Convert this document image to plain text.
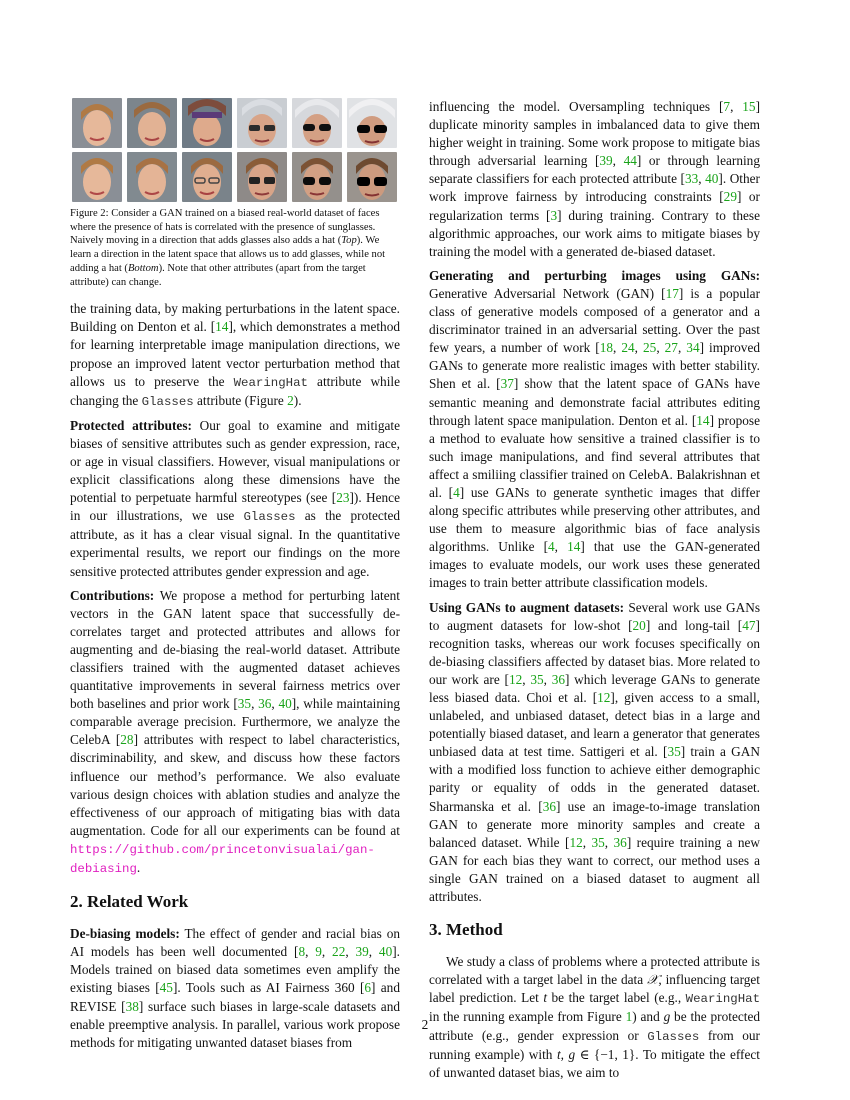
Figure 2: Consider a GAN trained on a biased real-world dataset of faces where the presence of hats is correlated with the presence of sunglasses. Naively moving in a direction that adds glasses also adds a hat (Top). We learn a direction in the latent space that allows us to add glasses, while not adding a hat (Bottom). Note that other attributes (apart from the target attribute) can change.

the training data, by making perturbations in the latent space. Building on Denton et al. [14], which demonstrates a method for learning interpretable image manipulation directions, we propose an improved latent vector perturbation method that allows us to preserve the WearingHat attribute while changing the Glasses attribute (Figure 2).

Protected attributes: Our goal to examine and mitigate biases of sensitive attributes such as gender expression, race, or age in visual classifiers. However, visual manipulations or explicit classifications along these dimensions have the potential to perpetuate harmful stereotypes (see [23]). Hence in our illustrations, we use Glasses as the protected attribute, as it has a clear visual signal. In the quantitative experimental results, we report our findings on the more sensitive protected attributes gender expression and age.

Contributions: We propose a method for perturbing latent vectors in the GAN latent space that successfully de-correlates target and protected attributes and allows for augmenting and de-biasing the real-world dataset. Attribute classifiers trained with the augmented dataset achieves quantitative improvements in several fairness metrics over both baselines and prior work [35, 36, 40], while maintaining comparable average precision. Furthermore, we analyze the CelebA [28] attributes with respect to label characteristics, discriminability, and skew, and discuss how these factors influence our method’s performance. We also evaluate various design choices with ablation studies and analyze the effectiveness of our approach of mitigating bias with data augmentation. Code for all our experiments can be found at https://github.com/princetonvisualai/gan-debiasing.

2. Related Work

De-biasing models: The effect of gender and racial bias on AI models has been well documented [8, 9, 22, 39, 40]. Models trained on biased data sometimes even amplify the existing biases [45]. Tools such as AI Fairness 360 [6] and REVISE [38] surface such biases in large-scale datasets and enable preemptive analysis. In parallel, various work propose methods for mitigating unwanted dataset biases from

influencing the model. Oversampling techniques [7, 15] duplicate minority samples in imbalanced data to give them higher weight in training. Some work propose to mitigate bias through adversarial learning [39, 44] or through learning separate classifiers for each protected attribute [33, 40]. Other work improve fairness by introducing constraints [29] or regularization terms [3] during training. Contrary to these algorithmic approaches, our work aims to mitigate biases by training the model with a generated de-biased dataset.

Generating and perturbing images using GANs: Generative Adversarial Network (GAN) [17] is a popular class of generative models composed of a generator and a discriminator trained in an adversarial setting. Over the past few years, a number of work [18, 24, 25, 27, 34] improved GANs to generate more realistic images with better stability. Shen et al. [37] show that the latent space of GANs have semantic meaning and demonstrate facial attributes editing through latent space manipulation. Denton et al. [14] propose a method to evaluate how sensitive a trained classifier is to such image manipulations, and find several attributes that affect a smiliing classifier trained on CelebA. Balakrishnan et al. [4] use GANs to generate synthetic images that differ along specific attributes while preserving other attributes, and use them to measure algorithmic bias of face analysis algorithms. Unlike [4, 14] that use the GAN-generated images to evaluate models, our work uses these generated images to train better attribute classification models.

Using GANs to augment datasets: Several work use GANs to augment datasets for low-shot [20] and long-tail [47] recognition tasks, whereas our work focuses specifically on de-biasing classifiers affected by dataset bias. More related to our work are [12, 35, 36] which leverage GANs to generate less biased data. Choi et al. [12], given access to a small, unlabeled, and unbiased dataset, detect bias in a large and potentially biased dataset, and learn a generator that generates unbiased data at test time. Sattigeri et al. [35] train a GAN with a modified loss function to achieve either demographic parity or equality of odds in the generated dataset. Sharmanska et al. [36] use an image-to-image translation GAN to generate more minority samples and create a balanced dataset. While [12, 35, 36] require training a new GAN for each bias they want to correct, our method uses a single GAN trained on a biased dataset to augment all attributes.

3. Method

We study a class of problems where a protected attribute is correlated with a target label in the data 𝒳, influencing target label prediction. Let t be the target label (e.g., WearingHat in the running example from Figure 1) and g be the protected attribute (e.g., gender expression or Glasses from our running example) with t, g ∈ {−1, 1}. To mitigate the effect of unwanted dataset bias, we aim to

2
